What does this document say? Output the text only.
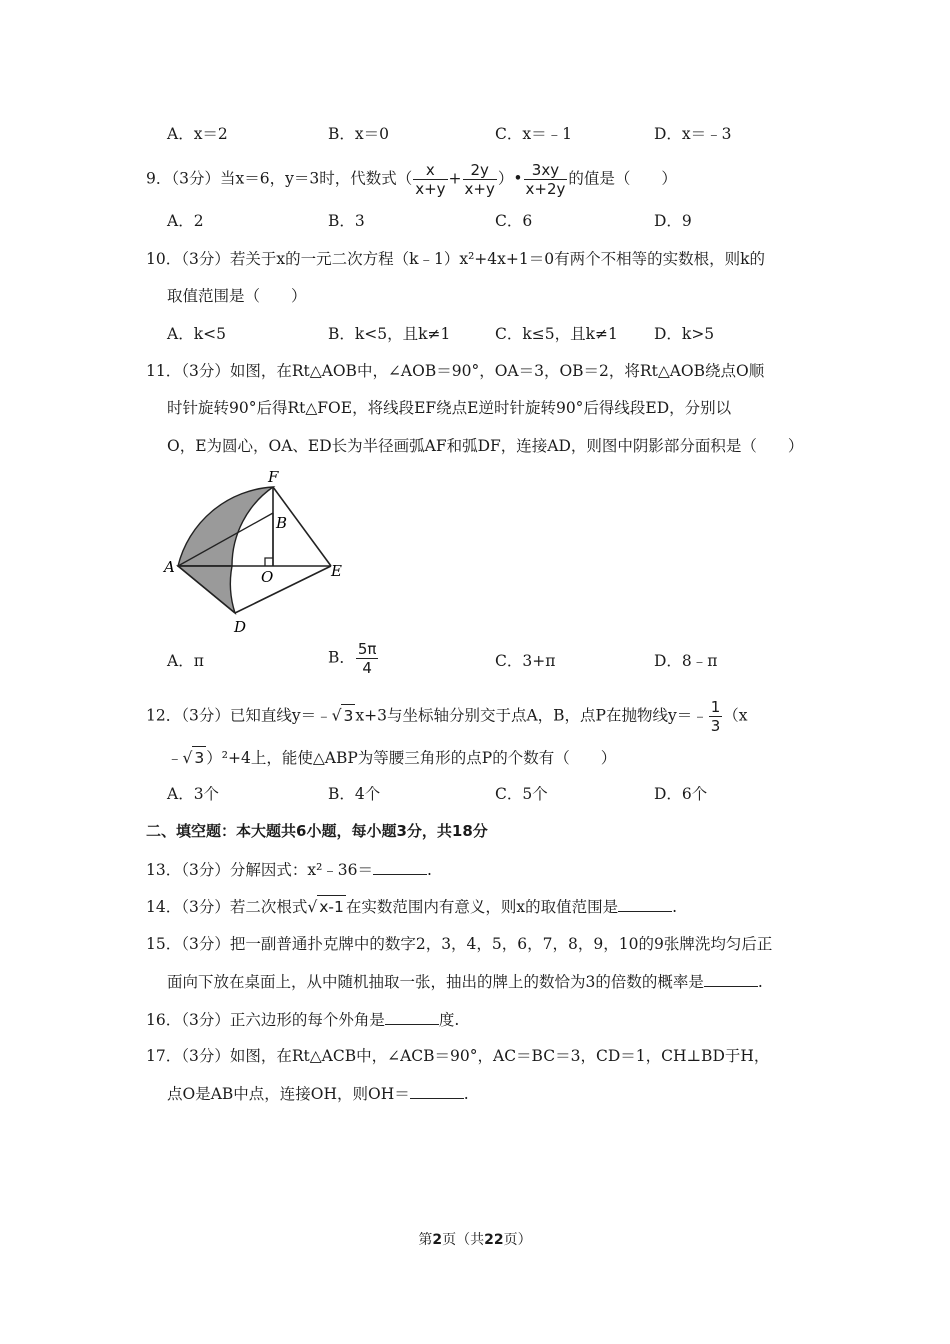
A．x＝2	B．x＝0	C．x＝﹣1	D．x＝﹣3
9．（3分）当x＝6，y＝3时，代数式（ $\frac{x}{x+y} + \frac{2y}{x+y}$ ）• $\frac{3xy}{x+2y}$ 的值是（　　）
A．2	B．3	C．6	D．9
10．（3分）若关于x的一元二次方程（k﹣1）x²+4x+1＝0有两个不相等的实数根，则k的
取值范围是（　　）
A．k<5	B．k<5，且k≠1	C．k≤5，且k≠1 D．k>5
11．（3分）如图，在Rt△AOB中，∠AOB＝90°，OA＝3，OB＝2，将Rt△AOB绕点O顺
时针旋转90°后得Rt△FOE，将线段EF绕点E逆时针旋转90°后得线段ED，分别以
O，E为圆心，OA、ED长为半径画弧AF和弧DF，连接AD，则图中阴影部分面积是（　　）
F
B
A
O	E
D
A．π	B． $\frac{5\pi}{4}$	C．3+π	D．8﹣π
12．（3分）已知直线y＝﹣√ 3 x+3与坐标轴分别交于点A，B，点P在抛物线y＝﹣ $\frac{1}{3} (x$
﹣√ 3 ）²+4上，能使△ABP为等腰三角形的点P的个数有（　　）
A．3个	B．4个	C．5个	D．6个
二、填空题：本大题共6小题，每小题3分，共18分
13．（3分）分解因式：x²﹣36＝	.
14．（3分）若二次根式√ x-1 在实数范围内有意义，则x的取值范围是	.
15．（3分）把一副普通扑克牌中的数字2，3，4，5，6，7，8，9，10的9张牌洗均匀后正
面向下放在桌面上，从中随机抽取一张，抽出的牌上的数恰为3的倍数的概率是	.
16．（3分）正六边形的每个外角是	度.
17．（3分）如图，在Rt△ACB中，∠ACB＝90°，AC＝BC＝3，CD＝1，CH⊥BD于H，
点O是AB中点，连接OH，则OH＝	.
第2页（共22页）
